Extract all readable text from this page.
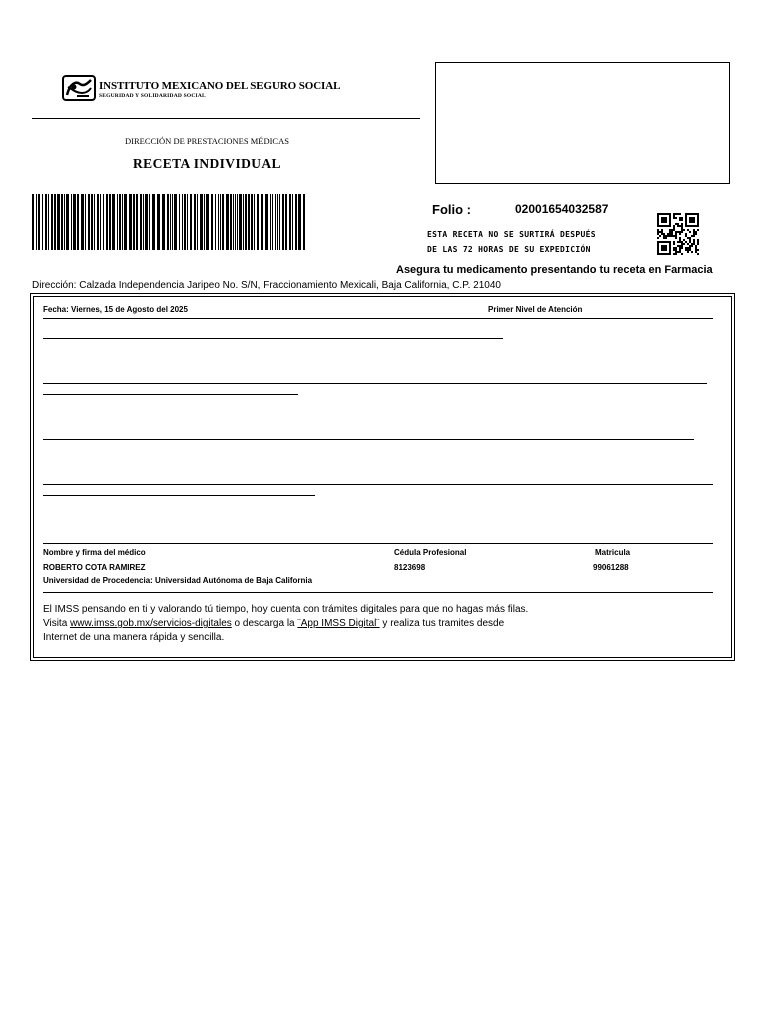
INSTITUTO MEXICANO DEL SEGURO SOCIAL
SEGURIDAD Y SOLIDARIDAD SOCIAL
DIRECCIÓN DE PRESTACIONES MÉDICAS
RECETA INDIVIDUAL
Folio :	02001654032587
ESTA RECETA NO SE SURTIRÁ DESPUÉS
DE LAS 72 HORAS DE SU EXPEDICIÓN
Asegura tu medicamento presentando tu receta en Farmacia
Dirección: Calzada Independencia Jaripeo No. S/N, Fraccionamiento Mexicali, Baja California, C.P. 21040
Fecha: Viernes, 15 de Agosto del 2025	Primer Nivel de Atención
Nombre y firma del médico	Cédula Profesional	Matricula
ROBERTO COTA RAMIREZ	8123698	99061288
Universidad de Procedencia: Universidad Autónoma de Baja California
El IMSS pensando en ti y valorando tú tiempo, hoy cuenta con trámites digitales para que no hagas más filas.
Visita www.imss.gob.mx/servicios-digitales o descarga la ¨App IMSS Digital¨ y realiza tus tramites desde
Internet de una manera rápida y sencilla.
